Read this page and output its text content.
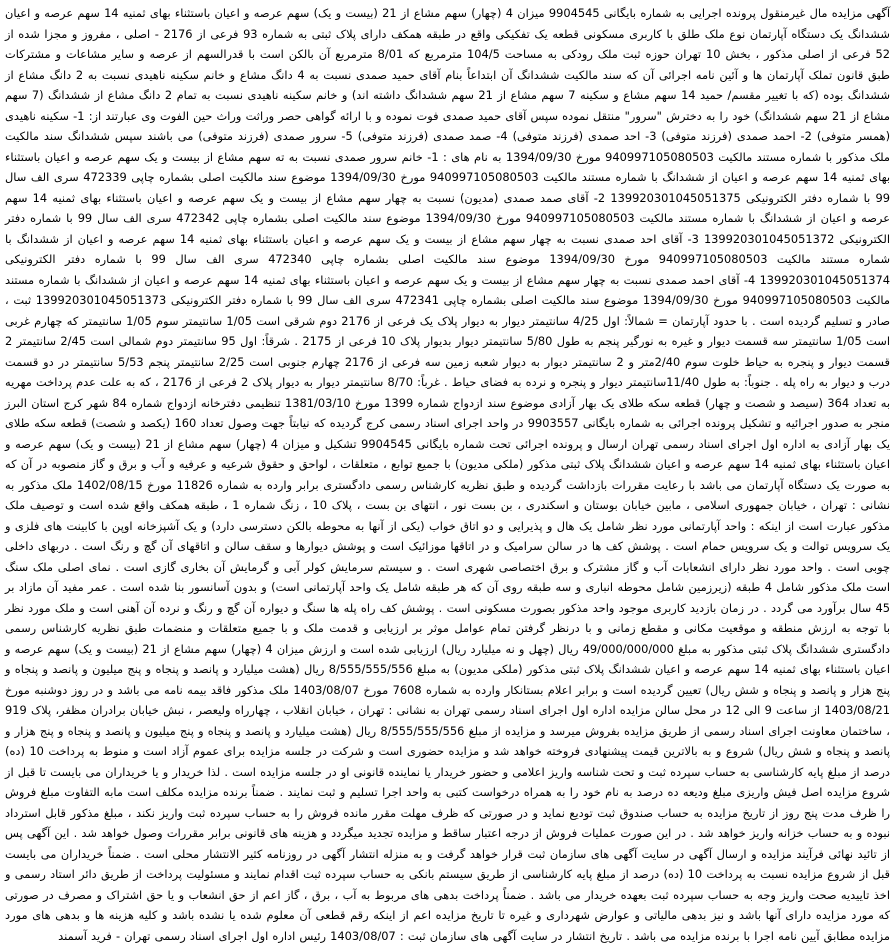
آگهی مزایده مال غیرمنقول پرونده اجرایی به شماره بایگانی 9904545 میزان 4 (چهار) سهم مشاع از 21 (بیست و یک) سهم عرصه و اعیان باستثناء بهای ثمنیه 14 سهم عرصه و اعیان ششدانگ یک دستگاه آپارتمان نوع ملک طلق با کاربری مسکونی قطعه یک تفکیکی واقع در طبقه همکف دارای پلاک ثبتی به شماره 93 فرعی از 2176 - اصلی ، مفروز و مجزا شده از 52 فرعی از اصلی مذکور ، بخش 10 تهران حوزه ثبت ملک رودکی به مساحت 104/5 مترمربع که 8/01 مترمربع آن بالکن است با قدرالسهم از عرصه و سایر مشاعات و مشترکات طبق قانون تملک آپارتمان ها و آئین نامه اجرائی آن که سند مالکیت ششدانگ آن ابتداعاً بنام آقای حمید صمدی نسبت به 4 دانگ مشاع و خانم سکینه ناهیدی نسبت به 2 دانگ مشاع از ششدانگ بوده (که با تغییر مقسم/ حمید 14 سهم مشاع و سکینه 7 سهم مشاع از 21 سهم ششدانگ داشته اند) و خانم سکینه ناهیدی نسبت به تمام 2 دانگ مشاع از ششدانگ (7 سهم مشاع از 21 سهم ششدانگ) خود را به دخترش "سرور" منتقل نموده سپس آقای حمید صمدی فوت نموده و با ارائه گواهی حصر وراثت وراث حین الفوت وی عبارتند از: 1- سکینه ناهیدی (همسر متوفی) 2- احمد صمدی (فرزند متوفی) 3- احد صمدی (فرزند متوفی) 4- صمد صمدی (فرزند متوفی) 5- سرور صمدی (فرزند متوفی) می باشند سپس ششدانگ سند مالکیت ملک مذکور با شماره مستند مالکیت 940997105080503 مورخ 1394/09/30 به نام های : 1- خانم سرور صمدی نسبت به ته سهم مشاع از بیست و یک سهم عرصه و اعیان باستثناء بهای ثمنیه 14 سهم عرصه و اعیان از ششدانگ با شماره مستند مالکیت 940997105080503 مورخ 1394/09/30 موضوع سند مالکیت اصلی بشماره چاپی 472339 سری الف سال 99 با شماره دفتر الکترونیکی 139920301045051375 2- آقای صمد صمدی (مدیون) نسبت به چهار سهم مشاع از بیست و یک سهم عرصه و اعیان باستثناء بهای ثمنیه 14 سهم عرصه و اعیان از ششدانگ با شماره مستند مالکیت 940997105080503 مورخ 1394/09/30 موضوع سند مالکیت اصلی بشماره چاپی 472342 سری الف سال 99 با شماره دفتر الکترونیکی 139920301045051372 3- آقای احد صمدی نسبت به چهار سهم مشاع از بیست و یک سهم عرصه و اعیان باستثناء بهای ثمنیه 14 سهم عرصه و اعیان از ششدانگ با شماره مستند مالکیت 940997105080503 مورخ 1394/09/30 موضوع سند مالکیت اصلی بشماره چاپی 472340 سری الف سال 99 با شماره دفتر الکترونیکی 139920301045051374 4- آقای احمد صمدی نسبت به چهار سهم مشاع از بیست و یک سهم عرصه و اعیان باستثناء بهای ثمنیه 14 سهم عرصه و اعیان از ششدانگ با شماره مستند مالکیت 940997105080503 مورخ 1394/09/30 موضوع سند مالکیت اصلی بشماره چاپی 472341 سری الف سال 99 با شماره دفتر الکترونیکی 139920301045051373 ثبت ، صادر و تسلیم گردیده است . با حدود آپارتمان = شمالاً: اول 4/25 سانتیمتر دیوار به دیوار پلاک یک فرعی از 2176 دوم شرقی است 1/05 سانتیمتر سوم 1/05 سانتیمتر که چهارم غربی است 1/05 سانتیمتر سه قسمت دیوار و غیره به نورگیر پنجم به طول 5/80 سانتیمتر دیوار بدیوار پلاک 10 فرعی از 2175 . شرقاً: اول 95 سانتیمتر دوم شمالی است 2/45 سانتیمتر 2 قسمت دیوار و پنجره به حیاط خلوت سوم 2/40متر و 2 سانتیمتر دیوار به دیوار شعبه زمین سه فرعی از 2176 چهارم جنوبی است 2/25 سانتیمتر پنجم 5/53 سانتیمتر در دو قسمت درب و دیوار به راه پله . جنوباً: به طول 11/40سانتیمتر دیوار و پنجره و نرده به فضای حیاط . غرباً: 8/70 سانتیمتر دیوار به دیوار پلاک 2 فرعی از 2176 ، که به علت عدم پرداخت مهریه به تعداد 364 (سیصد و شصت و چهار) قطعه سکه طلای یک بهار آزادی موضوع سند ازدواج شماره 1399 مورخ 1381/03/10 تنظیمی دفترخانه ازدواج شماره 84 شهر کرج استان البرز منجر به صدور اجرائیه و تشکیل پرونده اجرائی به شماره بایگانی 9903557 در واحد اجرای اسناد رسمی کرج گردیده که نیابتاً جهت وصول تعداد 160 (یکصد و شصت) قطعه سکه طلای یک بهار آزادی به اداره اول اجرای اسناد رسمی تهران ارسال و پرونده اجرائی تحت شماره بایگانی 9904545 تشکیل و میزان 4 (چهار) سهم مشاع از 21 (بیست و یک) سهم عرصه و اعیان باستثناء بهای ثمنیه 14 سهم عرصه و اعیان ششدانگ پلاک ثبتی مذکور (ملکی مدیون) با جمیع توابع ، متعلقات ، لواحق و حقوق شرعیه و عرفیه و آب و برق و گاز منصوبه در آن که به صورت یک دستگاه آپارتمان می باشد با رعایت مقررات بازداشت گردیده و طبق نظریه کارشناس رسمی دادگستری برابر وارده به شماره 11826 مورخ 1402/08/15 ملک مذکور به نشانی : تهران ، خیابان جمهوری اسلامی ، مابین خیابان بوستان و اسکندری ، بن بست نور ، انتهای بن بست ، پلاک 10 ، زنگ شماره 1 ، طبقه همکف واقع شده است و توصیف ملک مذکور عبارت است از اینکه : واحد آپارتمانی مورد نظر شامل یک هال و پذیرایی و دو اتاق خواب (یکی از آنها به محوطه بالکن دسترسی دارد) و یک آشپزخانه اوپن با کابینت های فلزی و یک سرویس توالت و یک سرویس حمام است . پوشش کف ها در سالن سرامیک و در اتاقها موزائیک است و پوشش دیوارها و سقف سالن و اتاقهای آن گچ و رنگ است . دربهای داخلی چوبی است . واحد مورد نظر دارای انشعابات آب و گاز مشترک و برق اختصاصی شهری است . و سیستم سرمایش کولر آبی و گرمایش آن بخاری گازی است . نمای اصلی ملک سنگ است ملک مذکور شامل 4 طبقه (زیرزمین شامل محوطه انباری و سه طبقه روی آن که هر طبقه شامل یک واحد آپارتمانی است) و بدون آسانسور بنا شده است . عمر مفید آن مازاد بر 45 سال برآورد می گردد . در زمان بازدید کاربری موجود واحد مذکور بصورت مسکونی است . پوشش کف راه پله ها سنگ و دیواره آن گچ و رنگ و نرده آن آهنی است و ملک مورد نظر با توجه به ارزش منطقه و موقعیت مکانی و مقطع زمانی و با درنظر گرفتن تمام عوامل موثر بر ارزیابی و قدمت ملک و با جمیع متعلقات و منضمات طبق نظریه کارشناس رسمی دادگستری ششدانگ پلاک ثبتی مذکور به مبلغ 49/000/000/000 ریال (چهل و نه میلیارد ریال) ارزیابی شده است و ارزش میزان 4 (چهار) سهم مشاع از 21 (بیست و یک) سهم عرصه و اعیان باستثناء بهای ثمنیه 14 سهم عرصه و اعیان ششدانگ پلاک ثبتی مذکور (ملکی مدیون) به مبلغ 8/555/555/556 ریال (هشت میلیارد و پانصد و پنجاه و پنج میلیون و پانصد و پنجاه و پنج هزار و پانصد و پنجاه و شش ریال) تعیین گردیده است و برابر اعلام بستانکار وارده به شماره 7608 مورخ 1403/08/07 ملک مذکور فاقد بیمه نامه می باشد و در روز دوشنبه مورخ 1403/08/21 از ساعت 9 الی 12 در محل سالن مزایده اداره اول اجرای اسناد رسمی تهران به نشانی : تهران ، خیابان انقلاب ، چهارراه ولیعصر ، نبش خیابان برادران مظفر، پلاک 919 ، ساختمان معاونت اجرای اسناد رسمی از طریق مزایده بفروش میرسد و مزایده از مبلغ 8/555/555/556 ریال (هشت میلیارد و پانصد و پنجاه و پنج میلیون و پانصد و پنجاه و پنج هزار و پانصد و پنجاه و شش ریال) شروع و به بالاترین قیمت پیشنهادی فروخته خواهد شد و مزایده حضوری است و شرکت در جلسه مزایده برای عموم آزاد است و منوط به پرداخت 10 (ده) درصد از مبلغ پایه کارشناسی به حساب سپرده ثبت و تحت شناسه واریز اعلامی و حضور خریدار یا نماینده قانونی او در جلسه مزایده است . لذا خریدار و یا خریداران می بایست تا قبل از شروع مزایده اصل فیش واریزی مبلغ ودیعه ده درصد به نام خود را به همراه درخواست کتبی به واحد اجرا تسلیم و ثبت نمایند . ضمناً برنده مزایده مکلف است مابه التفاوت مبلغ فروش را ظرف مدت پنج روز از تاریخ مزایده به حساب صندوق ثبت تودیع نماید و در صورتی که ظرف مهلت مقرر مانده فروش را به حساب سپرده ثبت واریز نکند ، مبلغ مذکور قابل استرداد نبوده و به حساب خزانه واریز خواهد شد . در این صورت عملیات فروش از درجه اعتبار ساقط و مزایده تجدید میگردد و هزینه های قانونی برابر مقررات وصول خواهد شد . این آگهی پس از تائید نهائی فرآیند مزایده و ارسال آگهی در سایت آگهی های سازمان ثبت قرار خواهد گرفت و به منزله انتشار آگهی در روزنامه کثیر الانتشار محلی است . ضمناً خریداران می بایست قبل از شروع مزایده نسبت به پرداخت 10 (ده) درصد از مبلغ پایه کارشناسی از طریق سیستم بانکی به حساب سپرده ثبت اقدام نمایند و مسئولیت پرداخت از طریق دائر استاد رسمی و اخذ تاییدیه صحت واریز وجه به حساب سپرده ثبت بعهده خریدار می باشد . ضمناً پرداخت بدهی های مربوط به آب ، برق ، گاز اعم از حق انشعاب و یا حق اشتراک و مصرف در صورتی که مورد مزایده دارای آنها باشد و نیز بدهی مالیاتی و عوارض شهرداری و غیره تا تاریخ مزایده اعم از اینکه رقم قطعی آن معلوم شده یا نشده باشد و کلیه هزینه ها و بدهی های مورد مزایده مطابق آیین نامه اجرا با برنده مزایده می باشد . تاریخ انتشار در سایت آگهی های سازمان ثبت : 1403/08/07 رئیس اداره اول اجرای اسناد رسمی تهران - فرید آسمند
